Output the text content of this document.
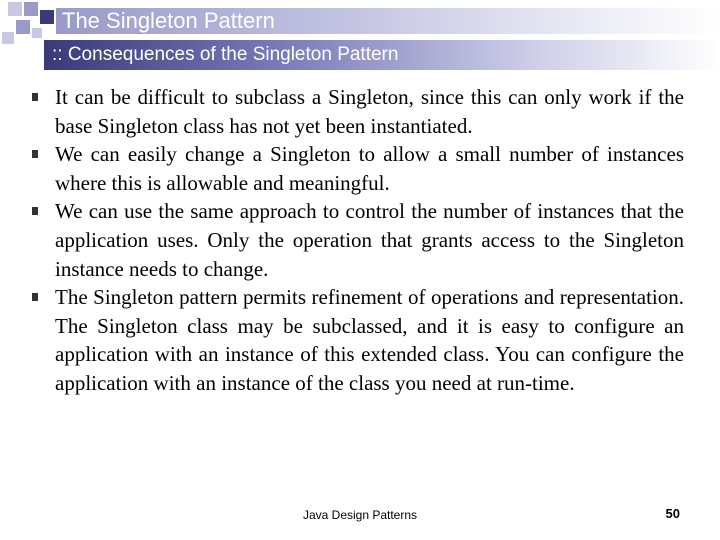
The Singleton Pattern
:: Consequences of the Singleton Pattern
It can be difficult to subclass a Singleton, since this can only work if the base Singleton class has not yet been instantiated.
We can easily change a Singleton to allow a small number of instances where this is allowable and meaningful.
We can use the same approach to control the number of instances that the application uses. Only the operation that grants access to the Singleton instance needs to change.
The Singleton pattern permits refinement of operations and representation. The Singleton class may be subclassed, and it is easy to configure an application with an instance of this extended class. You can configure the application with an instance of the class you need at run-time.
Java Design Patterns	50
